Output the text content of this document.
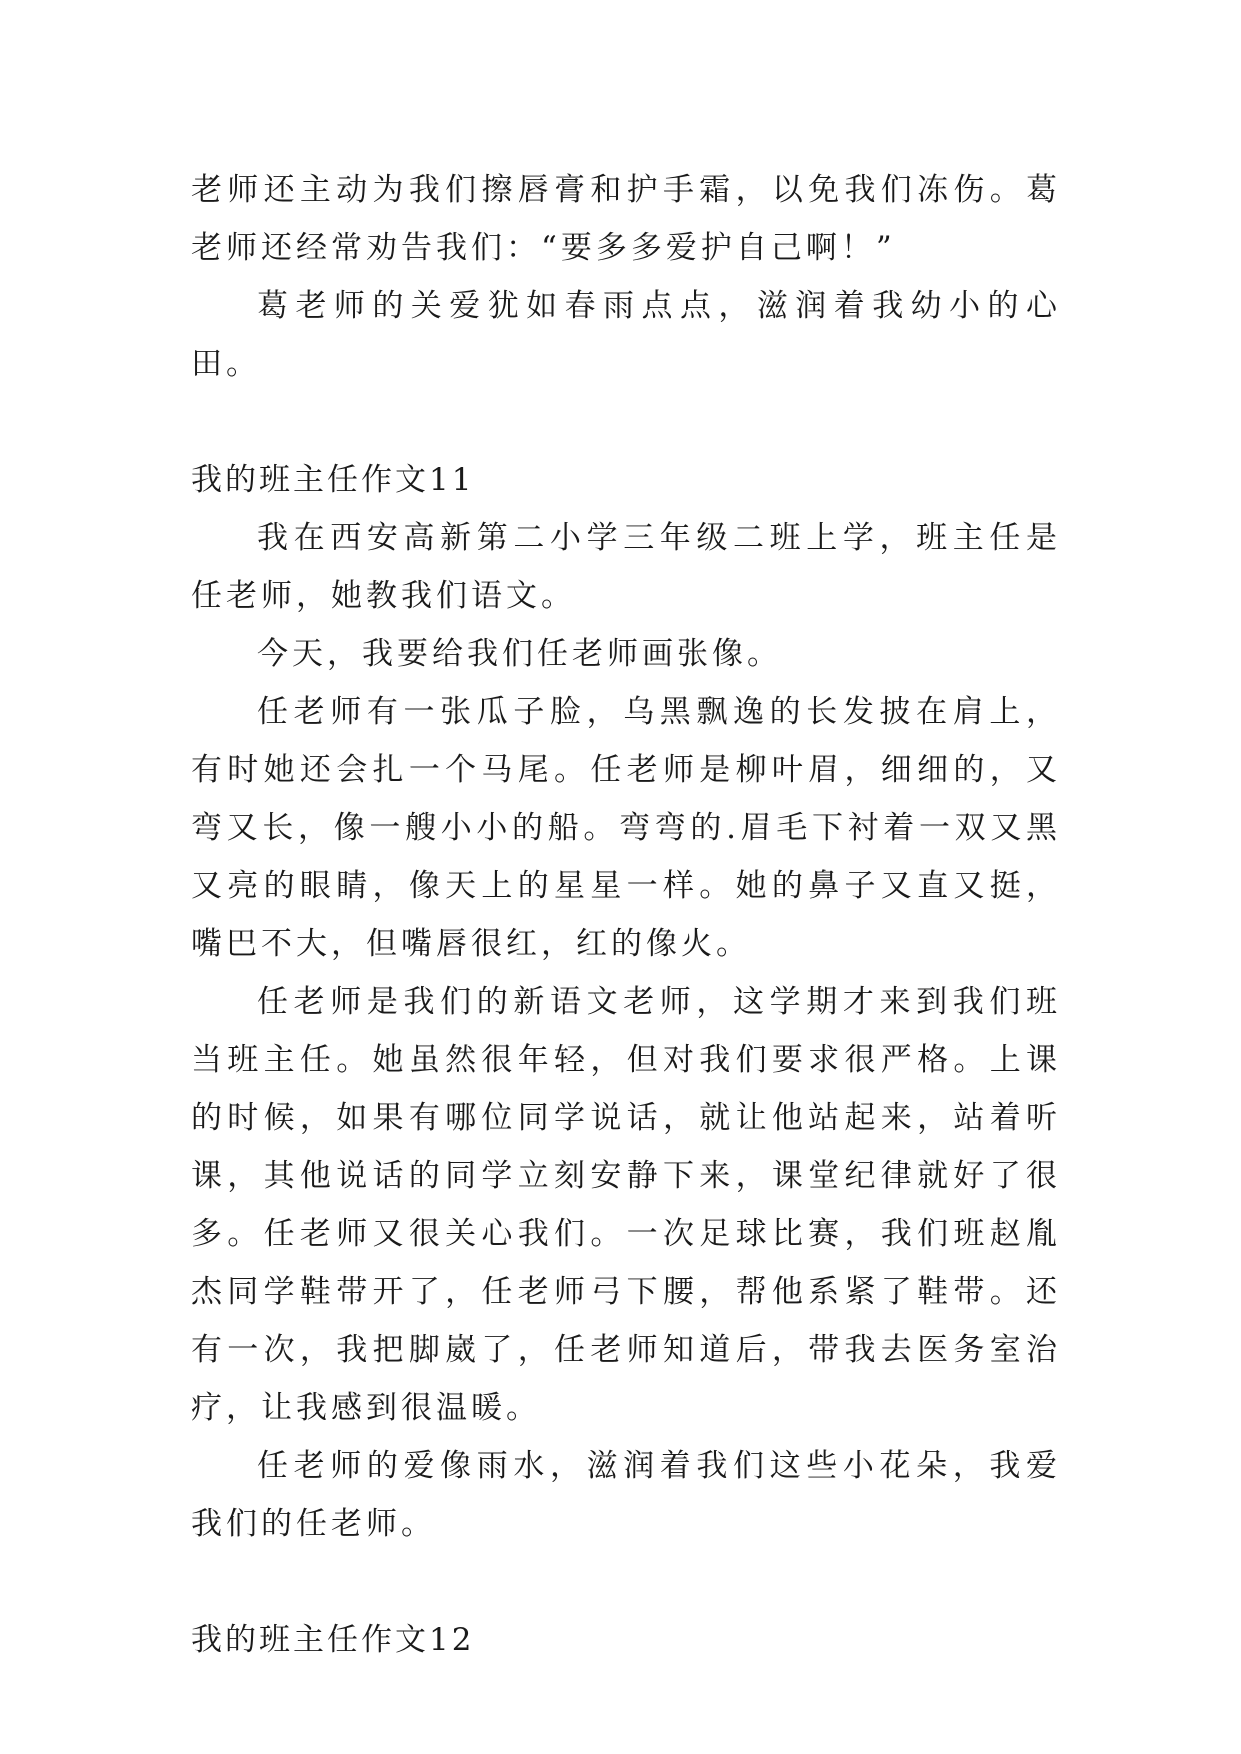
老师还主动为我们擦唇膏和护手霜，以免我们冻伤。葛老师还经常劝告我们：“要多多爱护自己啊！”

葛老师的关爱犹如春雨点点，滋润着我幼小的心田。

我的班主任作文11

我在西安高新第二小学三年级二班上学，班主任是任老师，她教我们语文。

今天，我要给我们任老师画张像。

任老师有一张瓜子脸，乌黑飘逸的长发披在肩上，有时她还会扎一个马尾。任老师是柳叶眉，细细的，又弯又长，像一艘小小的船。弯弯的.眉毛下衬着一双又黑又亮的眼睛，像天上的星星一样。她的鼻子又直又挺，嘴巴不大，但嘴唇很红，红的像火。

任老师是我们的新语文老师，这学期才来到我们班当班主任。她虽然很年轻，但对我们要求很严格。上课的时候，如果有哪位同学说话，就让他站起来，站着听课，其他说话的同学立刻安静下来，课堂纪律就好了很多。任老师又很关心我们。一次足球比赛，我们班赵胤杰同学鞋带开了，任老师弓下腰，帮他系紧了鞋带。还有一次，我把脚崴了，任老师知道后，带我去医务室治疗，让我感到很温暖。

任老师的爱像雨水，滋润着我们这些小花朵，我爱我们的任老师。

我的班主任作文12
